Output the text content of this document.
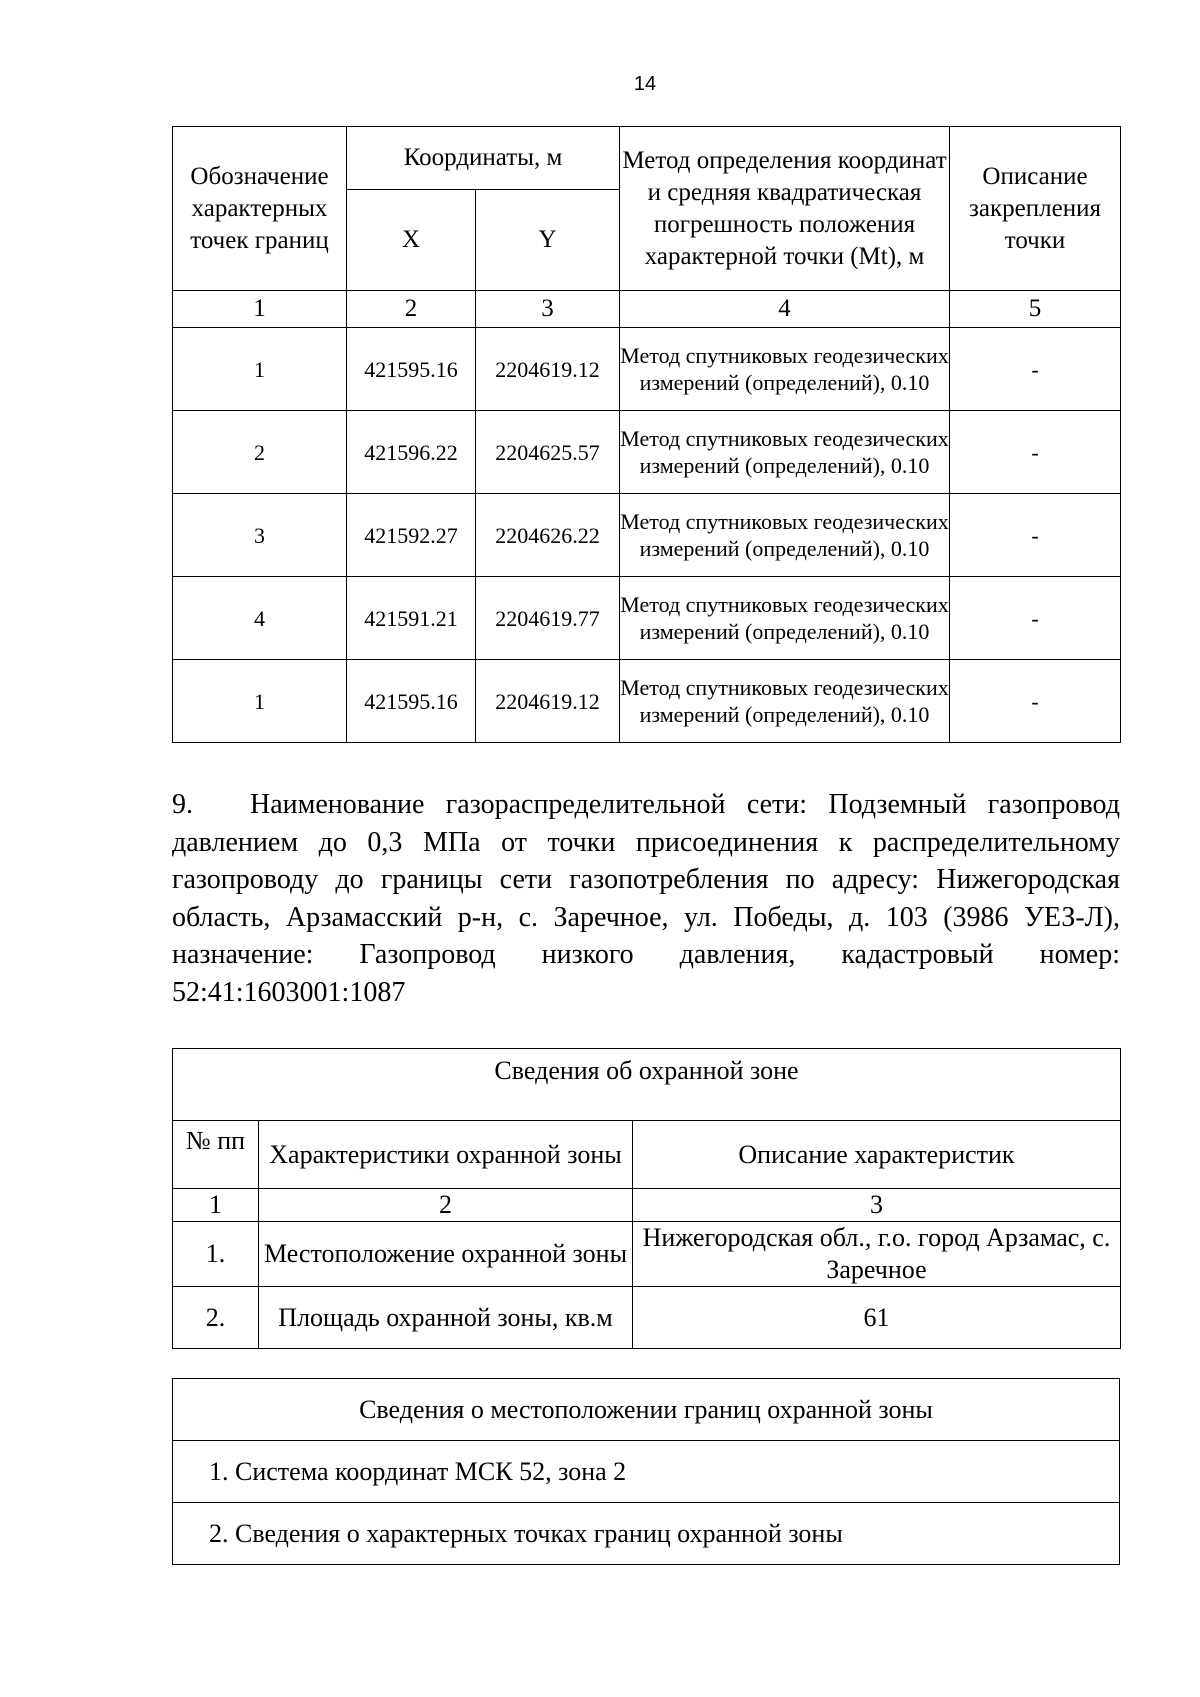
14
Обозначение характерных точек границ	Координаты, м		Метод определения координат и средняя квадратическая погрешность положения характерной точки (Mt), м	Описание закрепления точки
	X	Y		
1	2	3	4	5
1	421595.16	2204619.12	Метод спутниковых геодезических измерений (определений), 0.10	-
2	421596.22	2204625.57	Метод спутниковых геодезических измерений (определений), 0.10	-
3	421592.27	2204626.22	Метод спутниковых геодезических измерений (определений), 0.10	-
4	421591.21	2204619.77	Метод спутниковых геодезических измерений (определений), 0.10	-
1	421595.16	2204619.12	Метод спутниковых геодезических измерений (определений), 0.10	-
9. Наименование газораспределительной сети: Подземный газопровод давлением до 0,3 МПа от точки присоединения к распределительному газопроводу до границы сети газопотребления по адресу: Нижегородская область, Арзамасский р-н, с. Заречное, ул. Победы, д. 103 (3986 УЕЗ-Л), назначение: Газопровод низкого давления, кадастровый номер: 52:41:1603001:1087
Сведения об охранной зоне		
№ пп	Характеристики охранной зоны	Описание характеристик
1	2	3
1.	Местоположение охранной зоны	Нижегородская обл., г.о. город Арзамас, с. Заречное
2.	Площадь охранной зоны, кв.м	61
Сведения о местоположении границ охранной зоны
1. Система координат МСК 52, зона 2
2. Сведения о характерных точках границ охранной зоны
